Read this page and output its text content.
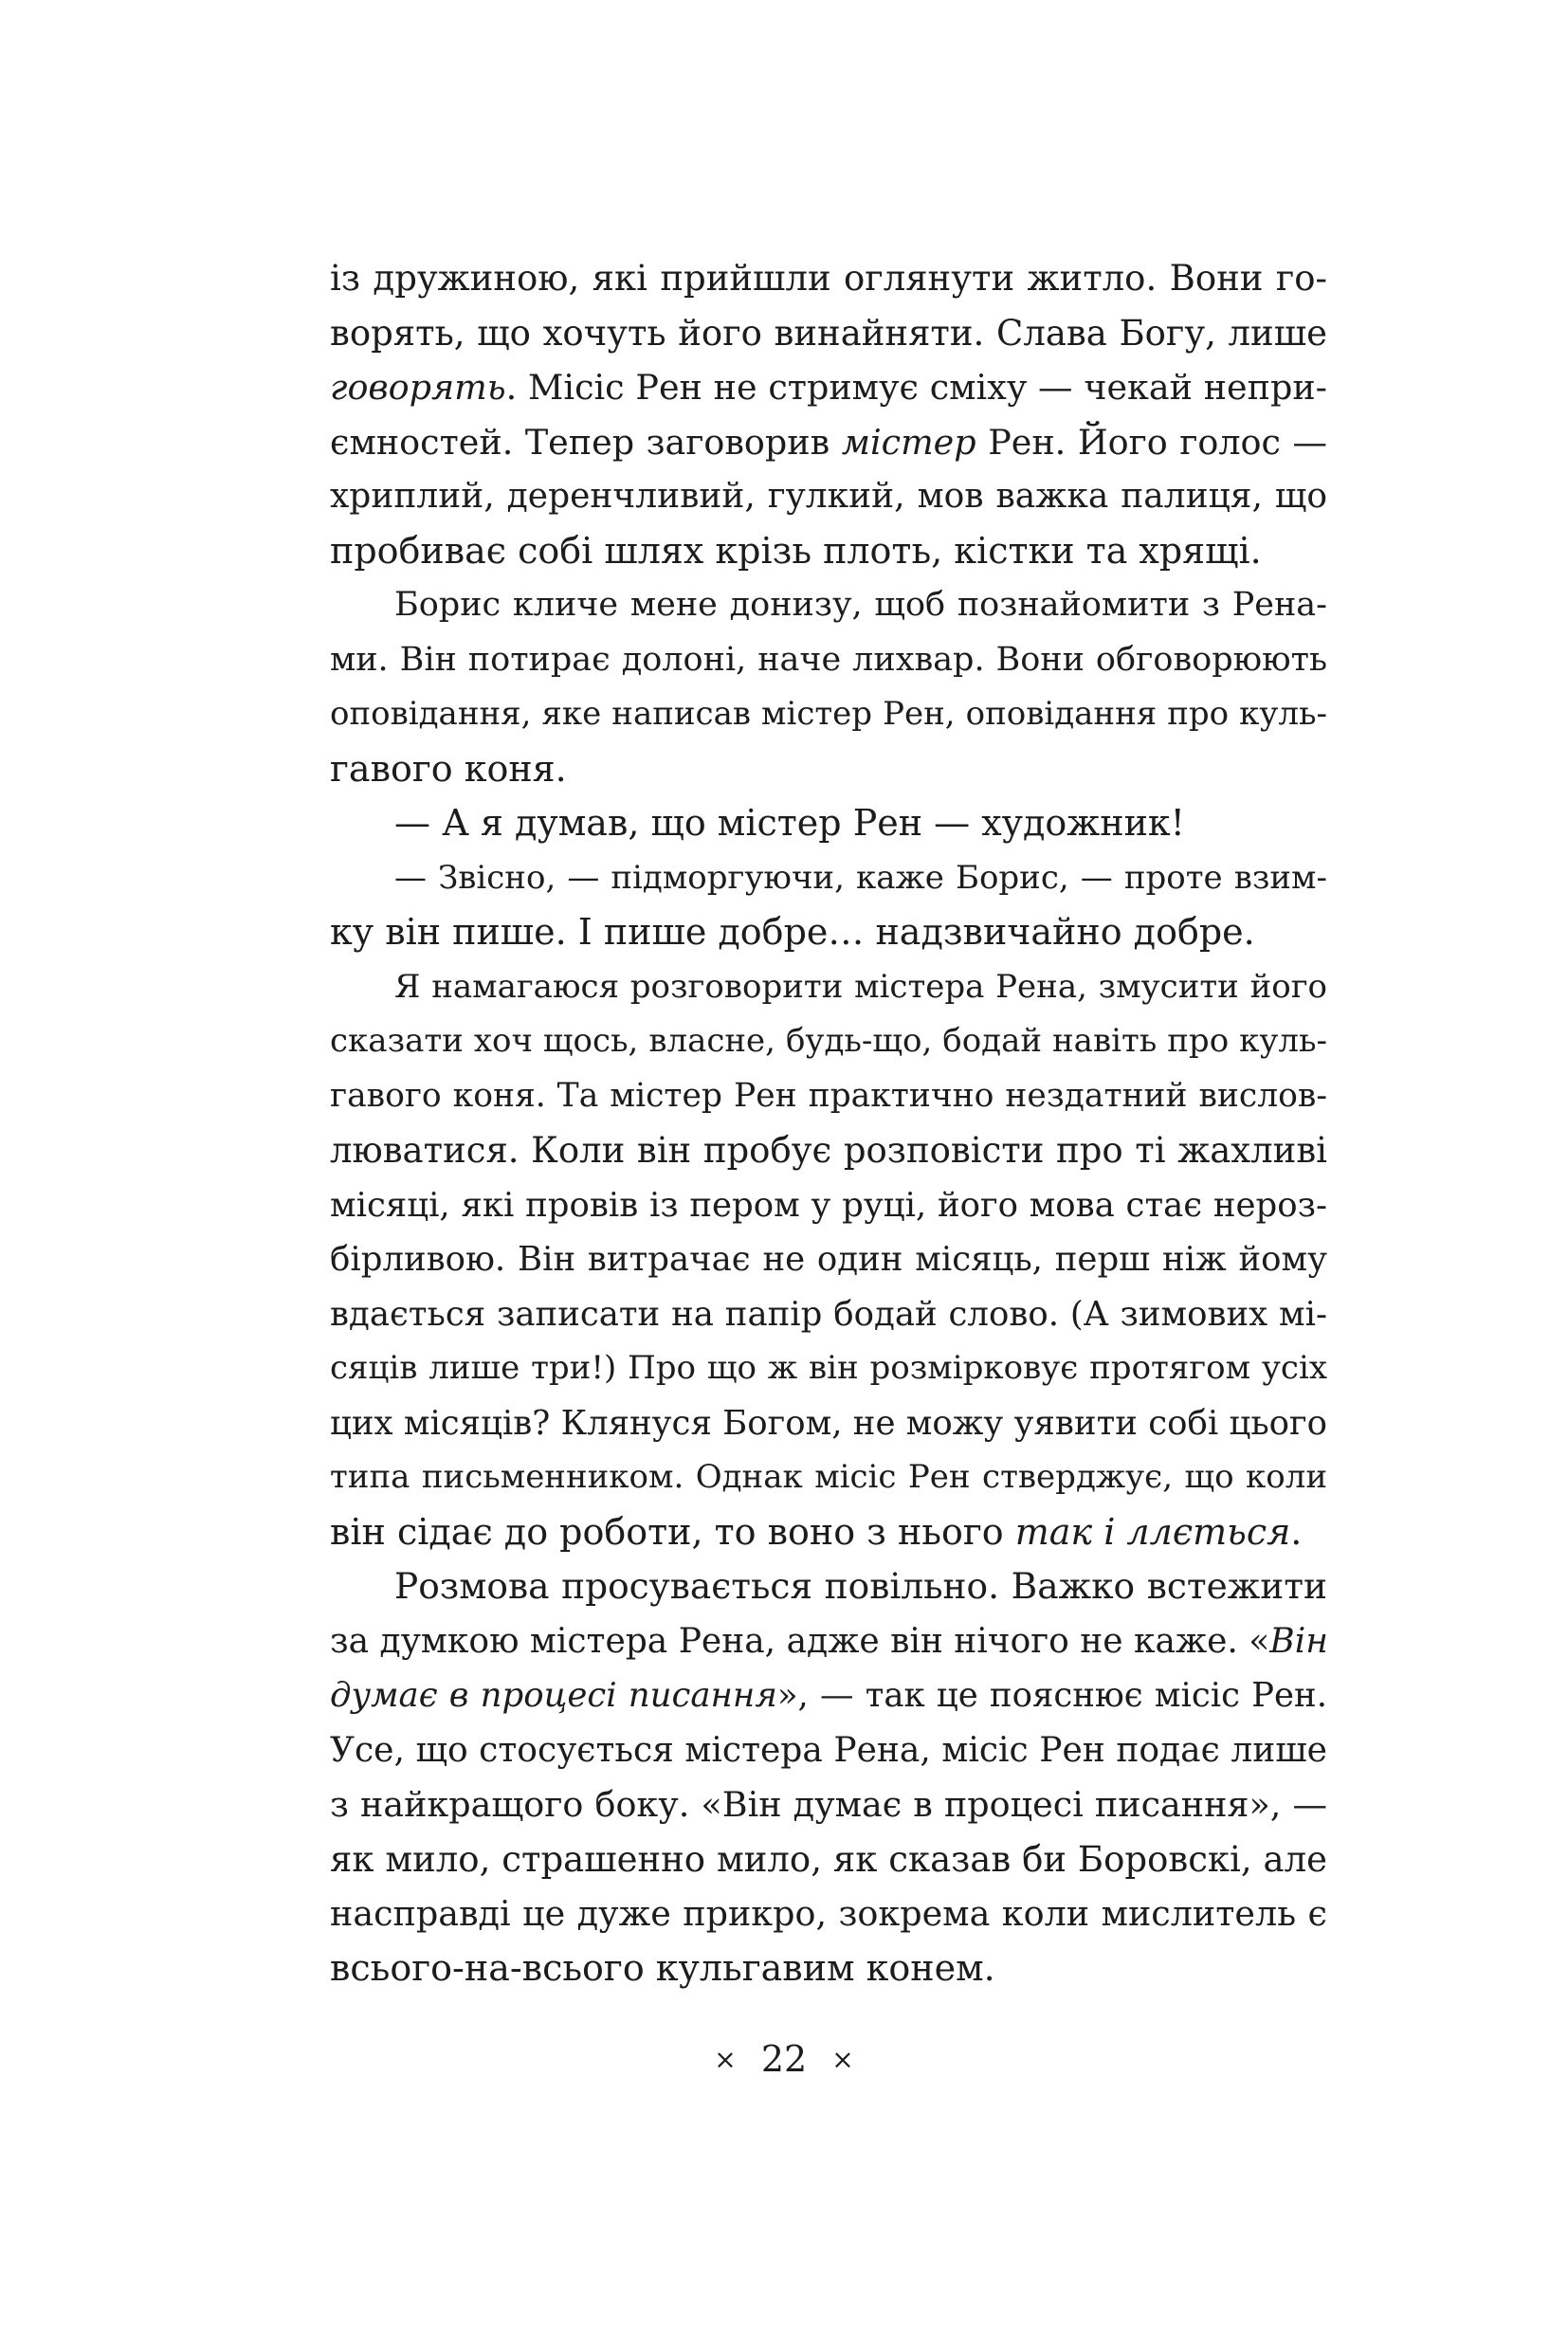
із дружиною, які прийшли оглянути житло. Вони го-
ворять, що хочуть його винайняти. Слава Богу, лише
говорять. Місіс Рен не стримує сміху — чекай непри-
ємностей. Тепер заговорив містер Рен. Його голос —
хриплий, деренчливий, гулкий, мов важка палиця, що
пробиває собі шлях крізь плоть, кістки та хрящі.
Борис кличе мене донизу, щоб познайомити з Рена-
ми. Він потирає долоні, наче лихвар. Вони обговорюють
оповідання, яке написав містер Рен, оповідання про куль-
гавого коня.
— А я думав, що містер Рен — художник!
— Звісно, — підморгуючи, каже Борис, — проте взим-
ку він пише. І пише добре… надзвичайно добре.
Я намагаюся розговорити містера Рена, змусити його
сказати хоч щось, власне, будь-що, бодай навіть про куль-
гавого коня. Та містер Рен практично нездатний вислов-
люватися. Коли він пробує розповісти про ті жахливі
місяці, які провів із пером у руці, його мова стає нероз-
бірливою. Він витрачає не один місяць, перш ніж йому
вдається записати на папір бодай слово. (А зимових мі-
сяців лише три!) Про що ж він розмірковує протягом усіх
цих місяців? Клянуся Богом, не можу уявити собі цього
типа письменником. Однак місіс Рен стверджує, що коли
він сідає до роботи, то воно з нього так і ллється.
Розмова просувається повільно. Важко встежити
за думкою містера Рена, адже він нічого не каже. «Він
думає в процесі писання», — так це пояснює місіс Рен.
Усе, що стосується містера Рена, місіс Рен подає лише
з найкращого боку. «Він думає в процесі писання», —
як мило, страшенно мило, як сказав би Боровскі, але
насправді це дуже прикро, зокрема коли мислитель є
всього-на-всього кульгавим конем.
× 22 ×
